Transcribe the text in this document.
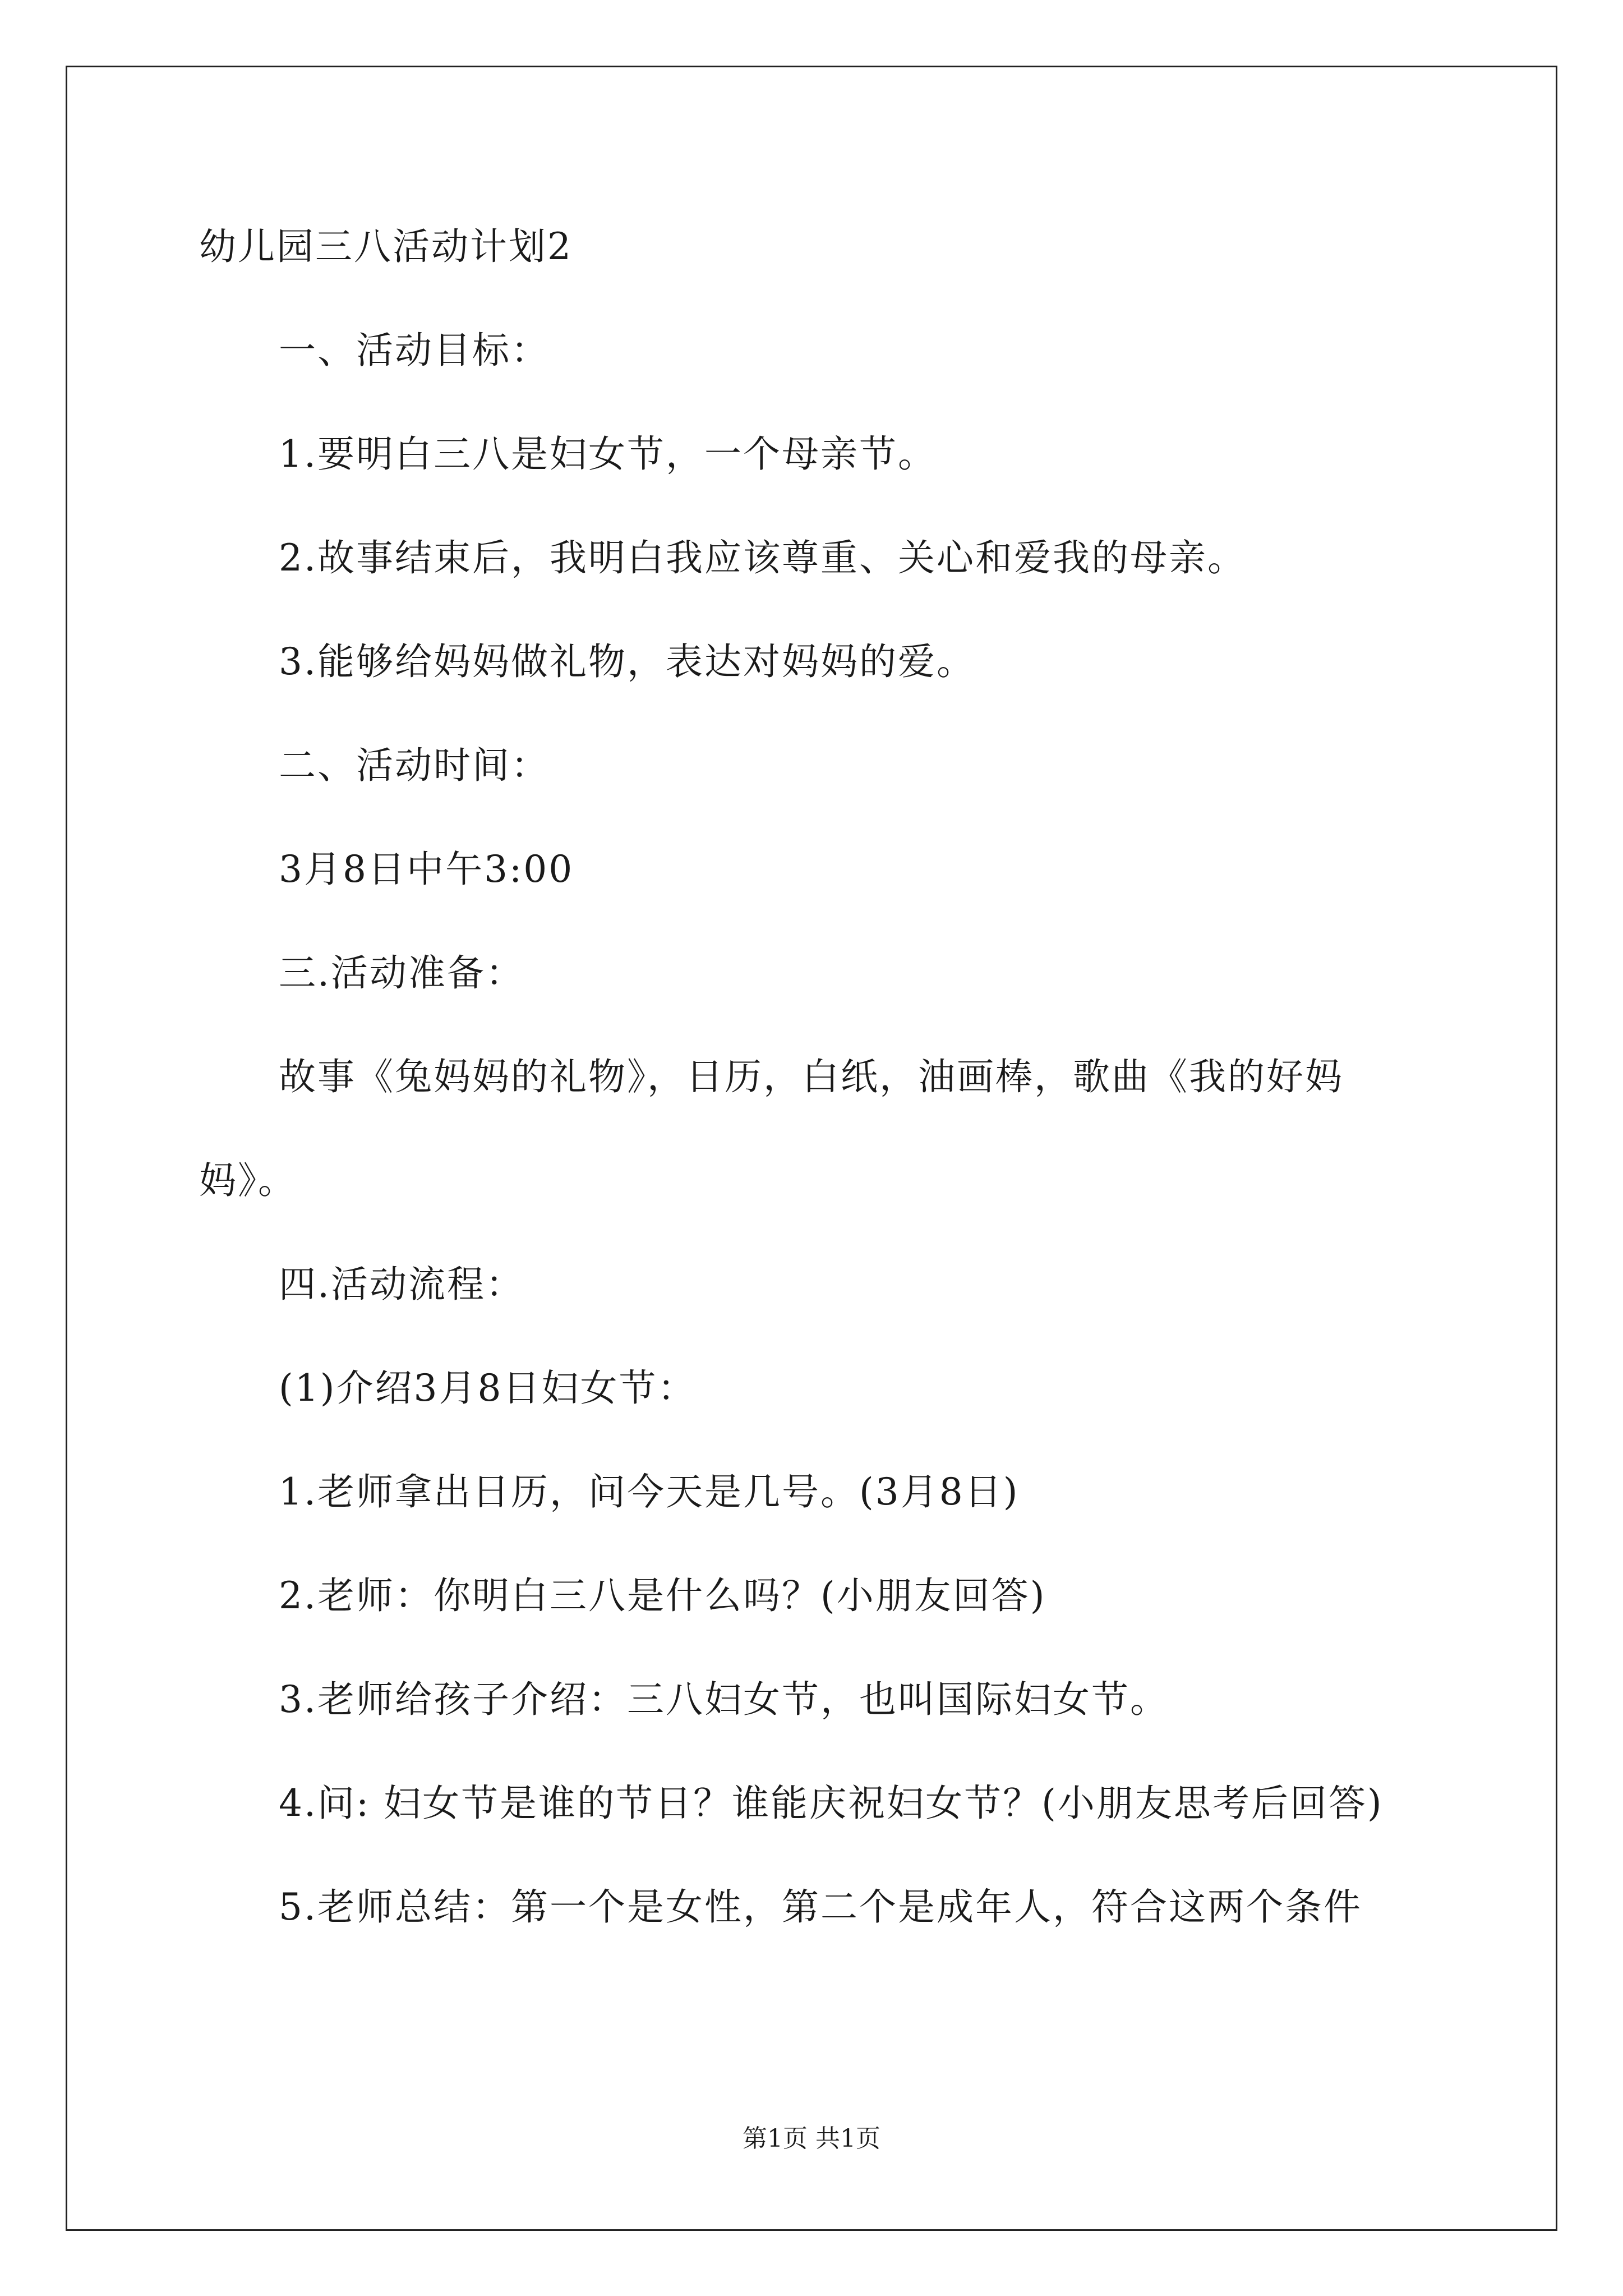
幼儿园三八活动计划2
一、活动目标：
1.要明白三八是妇女节，一个母亲节。
2.故事结束后，我明白我应该尊重、关心和爱我的母亲。
3.能够给妈妈做礼物，表达对妈妈的爱。
二、活动时间：
3月8日中午3:00
三.活动准备：
故事《兔妈妈的礼物》，日历，白纸，油画棒，歌曲《我的好妈
妈》。
四.活动流程：
(1)介绍3月8日妇女节：
1.老师拿出日历，问今天是几号。(3月8日)
2.老师：你明白三八是什么吗？(小朋友回答)
3.老师给孩子介绍：三八妇女节，也叫国际妇女节。
4.问: 妇女节是谁的节日？谁能庆祝妇女节？(小朋友思考后回答)
5.老师总结：第一个是女性，第二个是成年人，符合这两个条件
第1页 共1页
